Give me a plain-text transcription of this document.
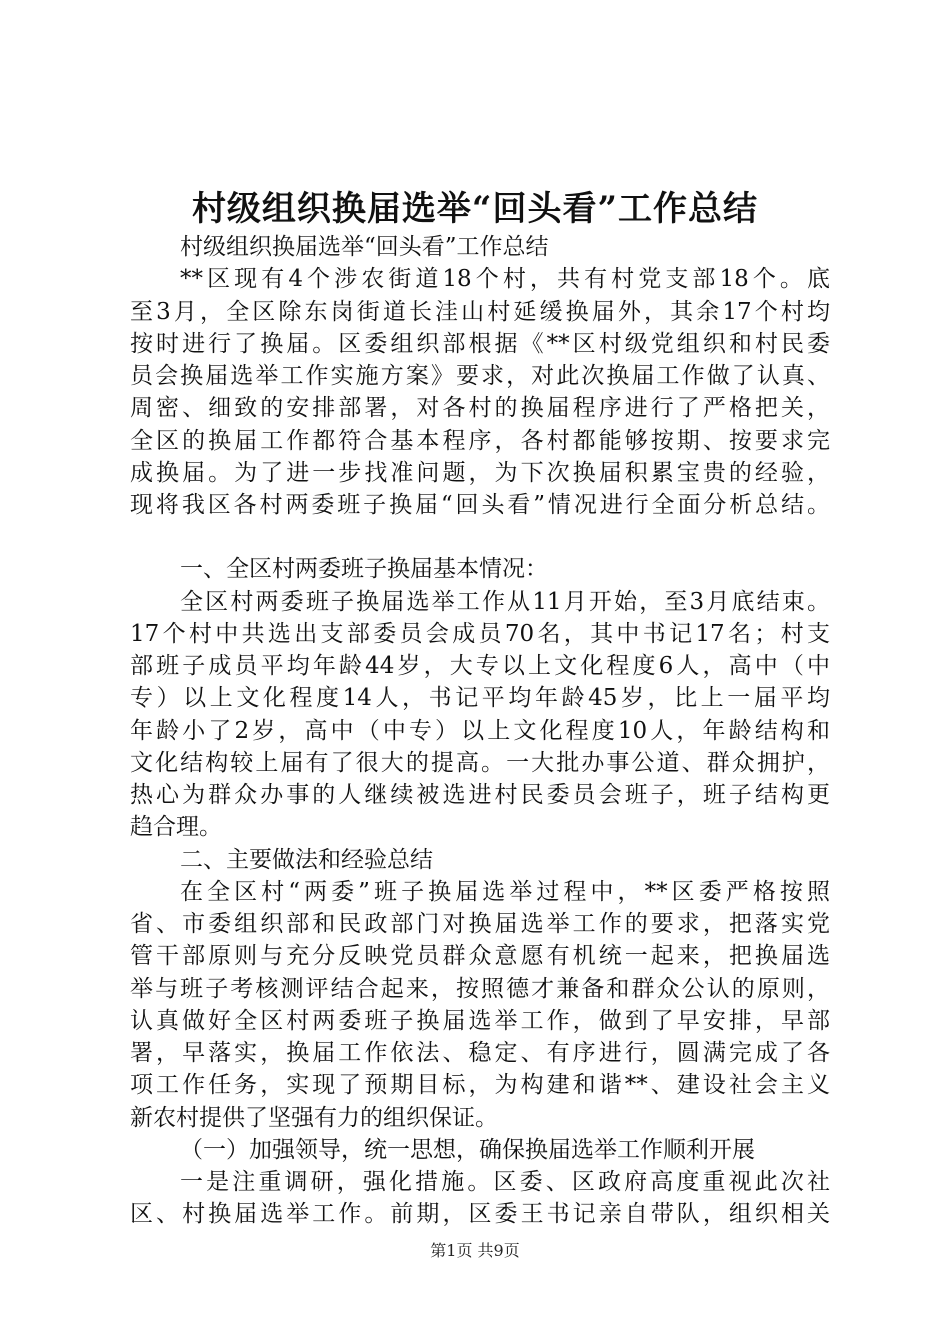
村级组织换届选举“回头看”工作总结
村级组织换届选举“回头看”工作总结
**区现有4个涉农街道18个村，共有村党支部18个。底
至3月，全区除东岗街道长洼山村延缓换届外，其余17个村均
按时进行了换届。区委组织部根据《**区村级党组织和村民委
员会换届选举工作实施方案》要求，对此次换届工作做了认真、
周密、细致的安排部署，对各村的换届程序进行了严格把关，
全区的换届工作都符合基本程序，各村都能够按期、按要求完
成换届。为了进一步找准问题，为下次换届积累宝贵的经验，
现将我区各村两委班子换届“回头看”情况进行全面分析总结。
一、全区村两委班子换届基本情况：
全区村两委班子换届选举工作从11月开始，至3月底结束。
17个村中共选出支部委员会成员70名，其中书记17名；村支
部班子成员平均年龄44岁，大专以上文化程度6人，高中（中
专）以上文化程度14人，书记平均年龄45岁，比上一届平均
年龄小了2岁，高中（中专）以上文化程度10人，年龄结构和
文化结构较上届有了很大的提高。一大批办事公道、群众拥护，
热心为群众办事的人继续被选进村民委员会班子，班子结构更
趋合理。
二、主要做法和经验总结
在全区村“两委”班子换届选举过程中，**区委严格按照
省、市委组织部和民政部门对换届选举工作的要求，把落实党
管干部原则与充分反映党员群众意愿有机统一起来，把换届选
举与班子考核测评结合起来，按照德才兼备和群众公认的原则，
认真做好全区村两委班子换届选举工作，做到了早安排，早部
署，早落实，换届工作依法、稳定、有序进行，圆满完成了各
项工作任务，实现了预期目标，为构建和谐**、建设社会主义
新农村提供了坚强有力的组织保证。
（一）加强领导，统一思想，确保换届选举工作顺利开展
一是注重调研，强化措施。区委、区政府高度重视此次社
区、村换届选举工作。前期，区委王书记亲自带队，组织相关
第1页 共9页
